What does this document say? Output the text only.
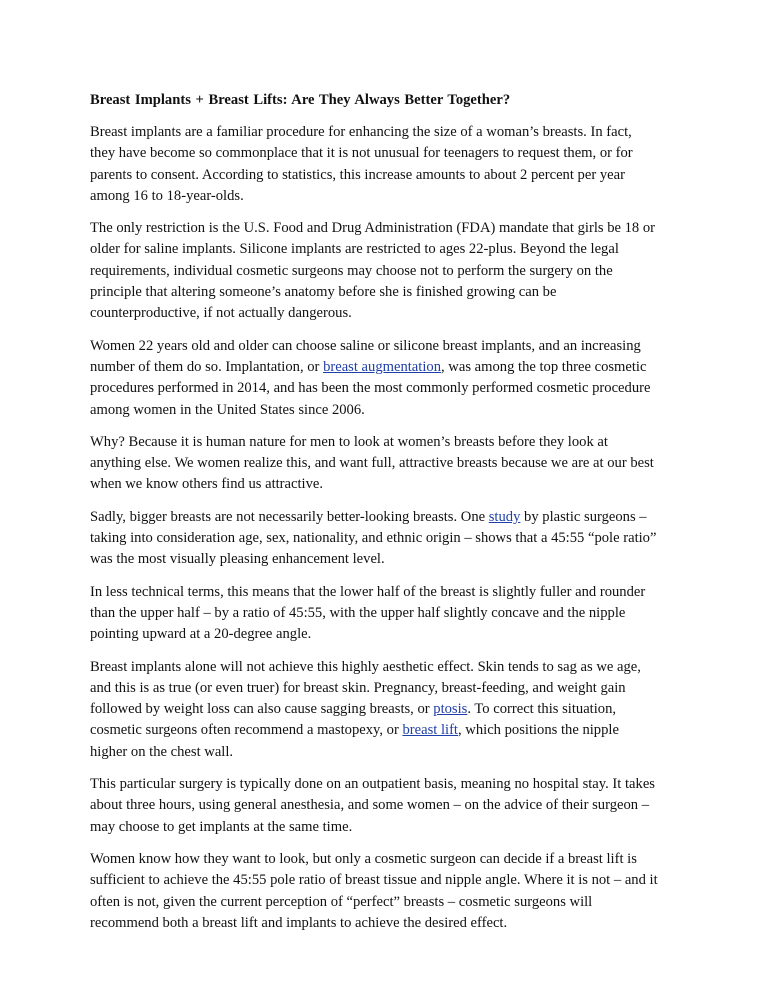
Breast Implants + Breast Lifts: Are They Always Better Together?

Breast implants are a familiar procedure for enhancing the size of a woman’s breasts. In fact,
they have become so commonplace that it is not unusual for teenagers to request them, or for
parents to consent. According to statistics, this increase amounts to about 2 percent per year
among 16 to 18-year-olds.

The only restriction is the U.S. Food and Drug Administration (FDA) mandate that girls be 18 or
older for saline implants. Silicone implants are restricted to ages 22-plus. Beyond the legal
requirements, individual cosmetic surgeons may choose not to perform the surgery on the
principle that altering someone’s anatomy before she is finished growing can be
counterproductive, if not actually dangerous.

Women 22 years old and older can choose saline or silicone breast implants, and an increasing
number of them do so. Implantation, or breast augmentation, was among the top three cosmetic
procedures performed in 2014, and has been the most commonly performed cosmetic procedure
among women in the United States since 2006.

Why? Because it is human nature for men to look at women’s breasts before they look at
anything else. We women realize this, and want full, attractive breasts because we are at our best
when we know others find us attractive.

Sadly, bigger breasts are not necessarily better-looking breasts. One study by plastic surgeons –
taking into consideration age, sex, nationality, and ethnic origin – shows that a 45:55 “pole ratio”
was the most visually pleasing enhancement level.

In less technical terms, this means that the lower half of the breast is slightly fuller and rounder
than the upper half – by a ratio of 45:55, with the upper half slightly concave and the nipple
pointing upward at a 20-degree angle.

Breast implants alone will not achieve this highly aesthetic effect. Skin tends to sag as we age,
and this is as true (or even truer) for breast skin. Pregnancy, breast-feeding, and weight gain
followed by weight loss can also cause sagging breasts, or ptosis. To correct this situation,
cosmetic surgeons often recommend a mastopexy, or breast lift, which positions the nipple
higher on the chest wall.

This particular surgery is typically done on an outpatient basis, meaning no hospital stay. It takes
about three hours, using general anesthesia, and some women – on the advice of their surgeon –
may choose to get implants at the same time.

Women know how they want to look, but only a cosmetic surgeon can decide if a breast lift is
sufficient to achieve the 45:55 pole ratio of breast tissue and nipple angle. Where it is not – and it
often is not, given the current perception of “perfect” breasts – cosmetic surgeons will
recommend both a breast lift and implants to achieve the desired effect.
